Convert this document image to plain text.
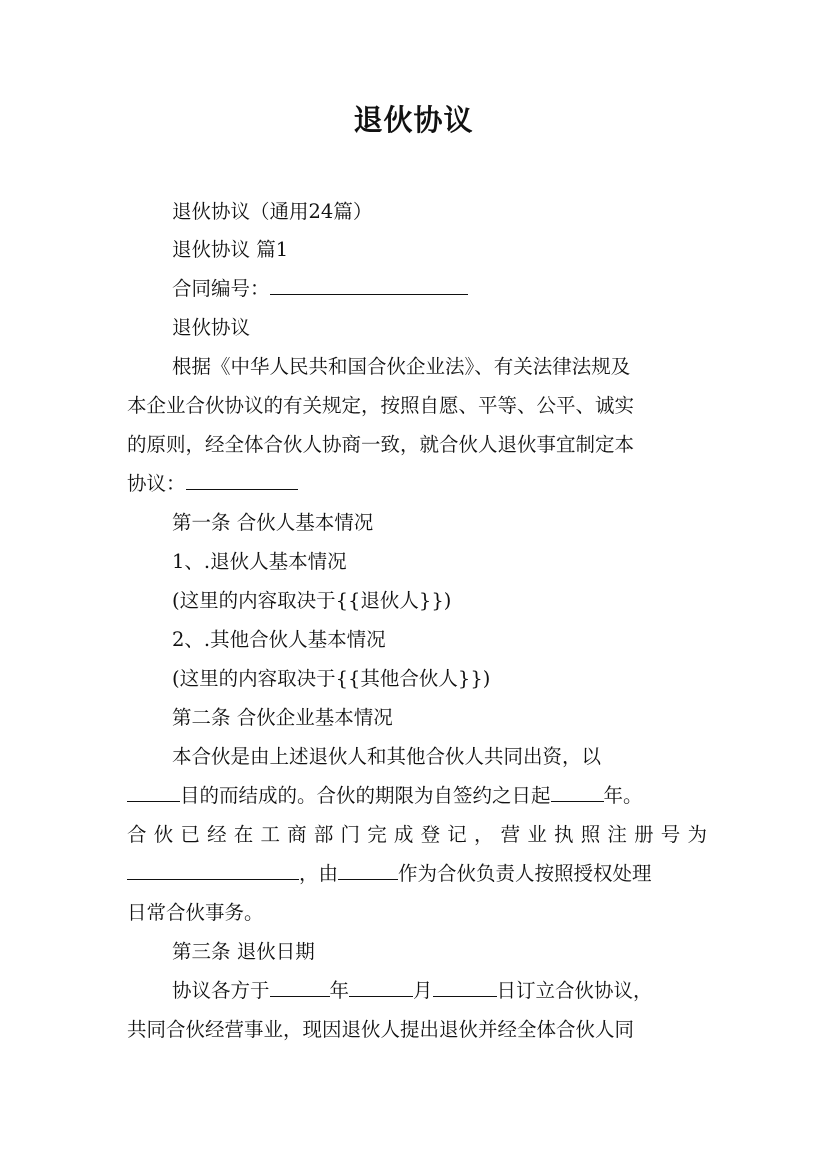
退伙协议
退伙协议（通用24篇）
退伙协议 篇1
合同编号：
退伙协议
根据《中华人民共和国合伙企业法》、有关法律法规及
本企业合伙协议的有关规定，按照自愿、平等、公平、诚实
的原则，经全体合伙人协商一致，就合伙人退伙事宜制定本
协议：
第一条 合伙人基本情况
1、.退伙人基本情况
(这里的内容取决于{{退伙人}})
2、.其他合伙人基本情况
(这里的内容取决于{{其他合伙人}})
第二条 合伙企业基本情况
本合伙是由上述退伙人和其他合伙人共同出资，以
目的而结成的。合伙的期限为自签约之日起	年。
合伙已经在工商部门完成登记，营业执照注册号为
，由	作为合伙负责人按照授权处理
日常合伙事务。
第三条 退伙日期
协议各方于	年	月	日订立合伙协议，
共同合伙经营事业，现因退伙人提出退伙并经全体合伙人同
